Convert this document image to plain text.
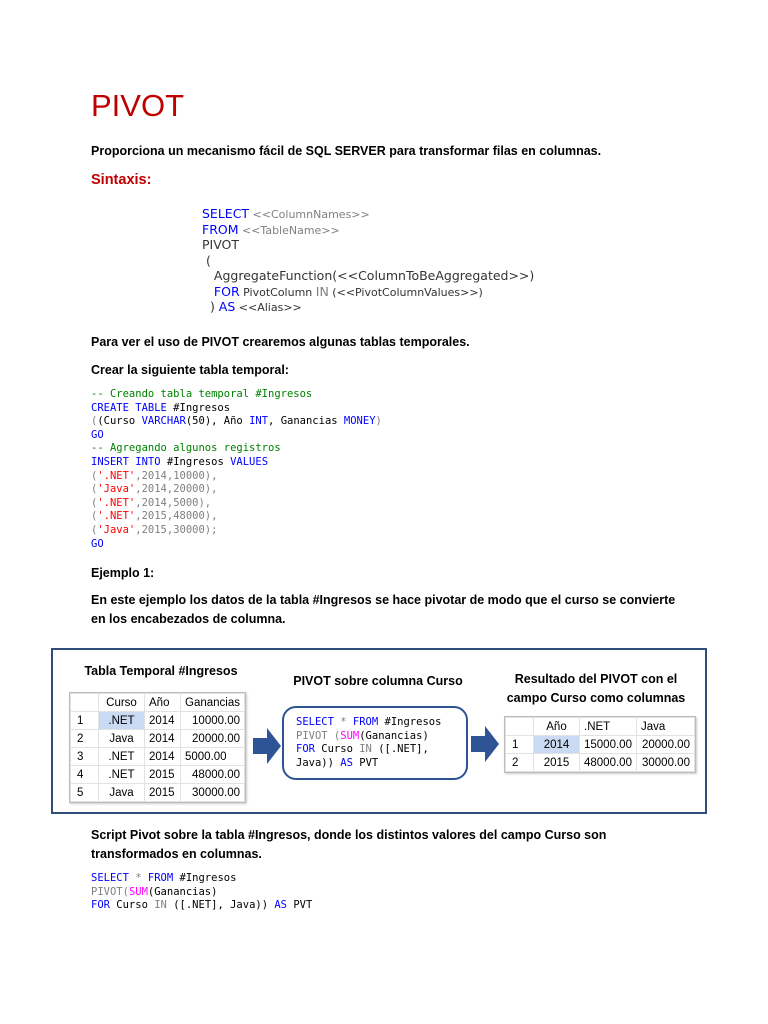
PIVOT
Proporciona un mecanismo fácil de SQL SERVER para transformar filas en columnas.
Sintaxis:
SELECT <<ColumnNames>>
FROM <<TableName>>
PIVOT
(
AggregateFunction(<<ColumnToBeAggregated>>)
FOR PivotColumn IN (<<PivotColumnValues>>)
) AS <<Alias>>
Para ver el uso de PIVOT crearemos algunas tablas temporales.
Crear la siguiente tabla temporal:
-- Creando tabla temporal #Ingresos
CREATE TABLE #Ingresos
((Curso VARCHAR(50), Año INT, Ganancias MONEY)
GO
-- Agregando algunos registros
INSERT INTO #Ingresos VALUES
('.NET',2014,10000),
('Java',2014,20000),
('.NET',2014,5000),
('.NET',2015,48000),
('Java',2015,30000);
GO
Ejemplo 1:
En este ejemplo los datos de la tabla #Ingresos se hace pivotar de modo que el curso se convierte en los encabezados de columna.
Tabla Temporal #Ingresos
PIVOT sobre columna Curso	Resultado del PIVOT con el campo Curso como columnas
	Curso	Año	Ganancias
1	.NET	2014	10000.00
2	Java	2014	20000.00
3	.NET	2014	5000.00
4	.NET	2015	48000.00
5	Java	2015	30000.00
SELECT * FROM #Ingresos
PIVOT (SUM(Ganancias)
FOR Curso IN ([.NET],
Java)) AS PVT
	Año	.NET	Java
1	2014	15000.00	20000.00
2	2015	48000.00	30000.00
Script Pivot sobre la tabla #Ingresos, donde los distintos valores del campo Curso son transformados en columnas.
SELECT * FROM #Ingresos
PIVOT(SUM(Ganancias)
FOR Curso IN ([.NET], Java)) AS PVT
